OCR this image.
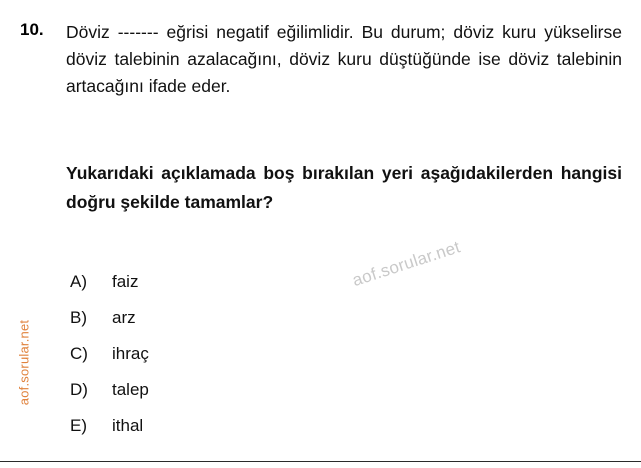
aof.sorular.net
10. Döviz ------- eğrisi negatif eğilimlidir. Bu durum; döviz kuru yükselirse döviz talebinin azalacağını, döviz kuru düştüğünde ise döviz talebinin artacağını ifade eder.

Yukarıdaki açıklamada boş bırakılan yeri aşağıdakilerden hangisi doğru şekilde tamamlar?

A)	faiz
B)	arz
C)	ihraç
D)	talep
E)	ithal
aof.sorular.net
